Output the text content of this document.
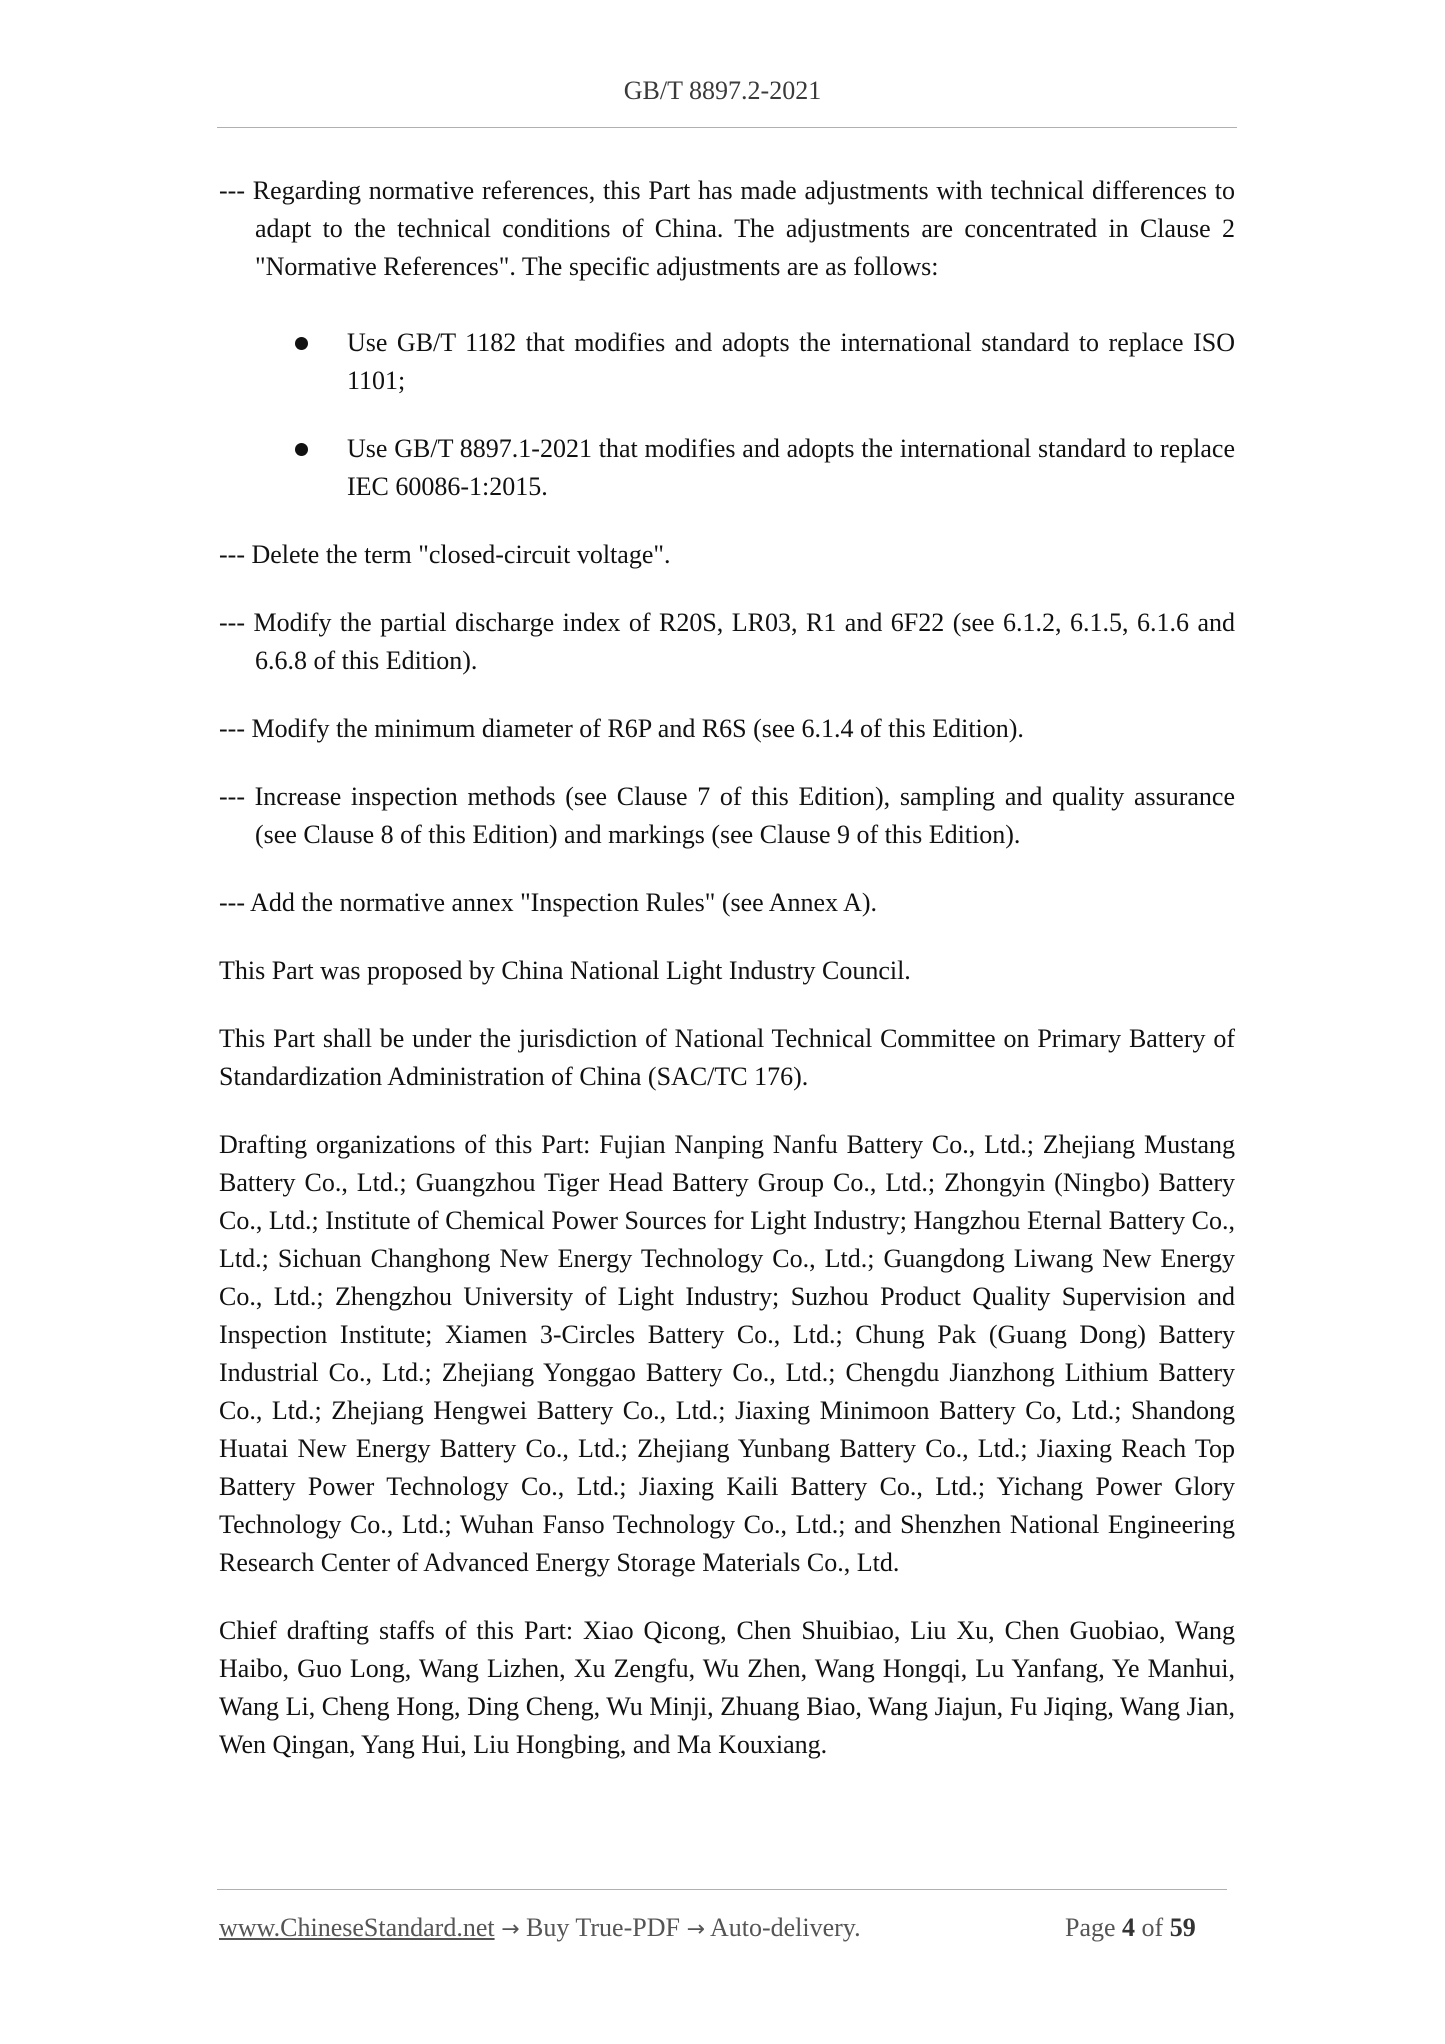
GB/T 8897.2-2021

--- Regarding normative references, this Part has made adjustments with technical differences to adapt to the technical conditions of China. The adjustments are concentrated in Clause 2 "Normative References". The specific adjustments are as follows:

Use GB/T 1182 that modifies and adopts the international standard to replace ISO 1101;

Use GB/T 8897.1-2021 that modifies and adopts the international standard to replace IEC 60086-1:2015.

--- Delete the term "closed-circuit voltage".

--- Modify the partial discharge index of R20S, LR03, R1 and 6F22 (see 6.1.2, 6.1.5, 6.1.6 and 6.6.8 of this Edition).

--- Modify the minimum diameter of R6P and R6S (see 6.1.4 of this Edition).

--- Increase inspection methods (see Clause 7 of this Edition), sampling and quality assurance (see Clause 8 of this Edition) and markings (see Clause 9 of this Edition).

--- Add the normative annex "Inspection Rules" (see Annex A).

This Part was proposed by China National Light Industry Council.

This Part shall be under the jurisdiction of National Technical Committee on Primary Battery of Standardization Administration of China (SAC/TC 176).

Drafting organizations of this Part: Fujian Nanping Nanfu Battery Co., Ltd.; Zhejiang Mustang Battery Co., Ltd.; Guangzhou Tiger Head Battery Group Co., Ltd.; Zhongyin (Ningbo) Battery Co., Ltd.; Institute of Chemical Power Sources for Light Industry; Hangzhou Eternal Battery Co., Ltd.; Sichuan Changhong New Energy Technology Co., Ltd.; Guangdong Liwang New Energy Co., Ltd.; Zhengzhou University of Light Industry; Suzhou Product Quality Supervision and Inspection Institute; Xiamen 3-Circles Battery Co., Ltd.; Chung Pak (Guang Dong) Battery Industrial Co., Ltd.; Zhejiang Yonggao Battery Co., Ltd.; Chengdu Jianzhong Lithium Battery Co., Ltd.; Zhejiang Hengwei Battery Co., Ltd.; Jiaxing Minimoon Battery Co, Ltd.; Shandong Huatai New Energy Battery Co., Ltd.; Zhejiang Yunbang Battery Co., Ltd.; Jiaxing Reach Top Battery Power Technology Co., Ltd.; Jiaxing Kaili Battery Co., Ltd.; Yichang Power Glory Technology Co., Ltd.; Wuhan Fanso Technology Co., Ltd.; and Shenzhen National Engineering Research Center of Advanced Energy Storage Materials Co., Ltd.

Chief drafting staffs of this Part: Xiao Qicong, Chen Shuibiao, Liu Xu, Chen Guobiao, Wang Haibo, Guo Long, Wang Lizhen, Xu Zengfu, Wu Zhen, Wang Hongqi, Lu Yanfang, Ye Manhui, Wang Li, Cheng Hong, Ding Cheng, Wu Minji, Zhuang Biao, Wang Jiajun, Fu Jiqing, Wang Jian, Wen Qingan, Yang Hui, Liu Hongbing, and Ma Kouxiang.

www.ChineseStandard.net → Buy True-PDF → Auto-delivery.	Page 4 of 59
